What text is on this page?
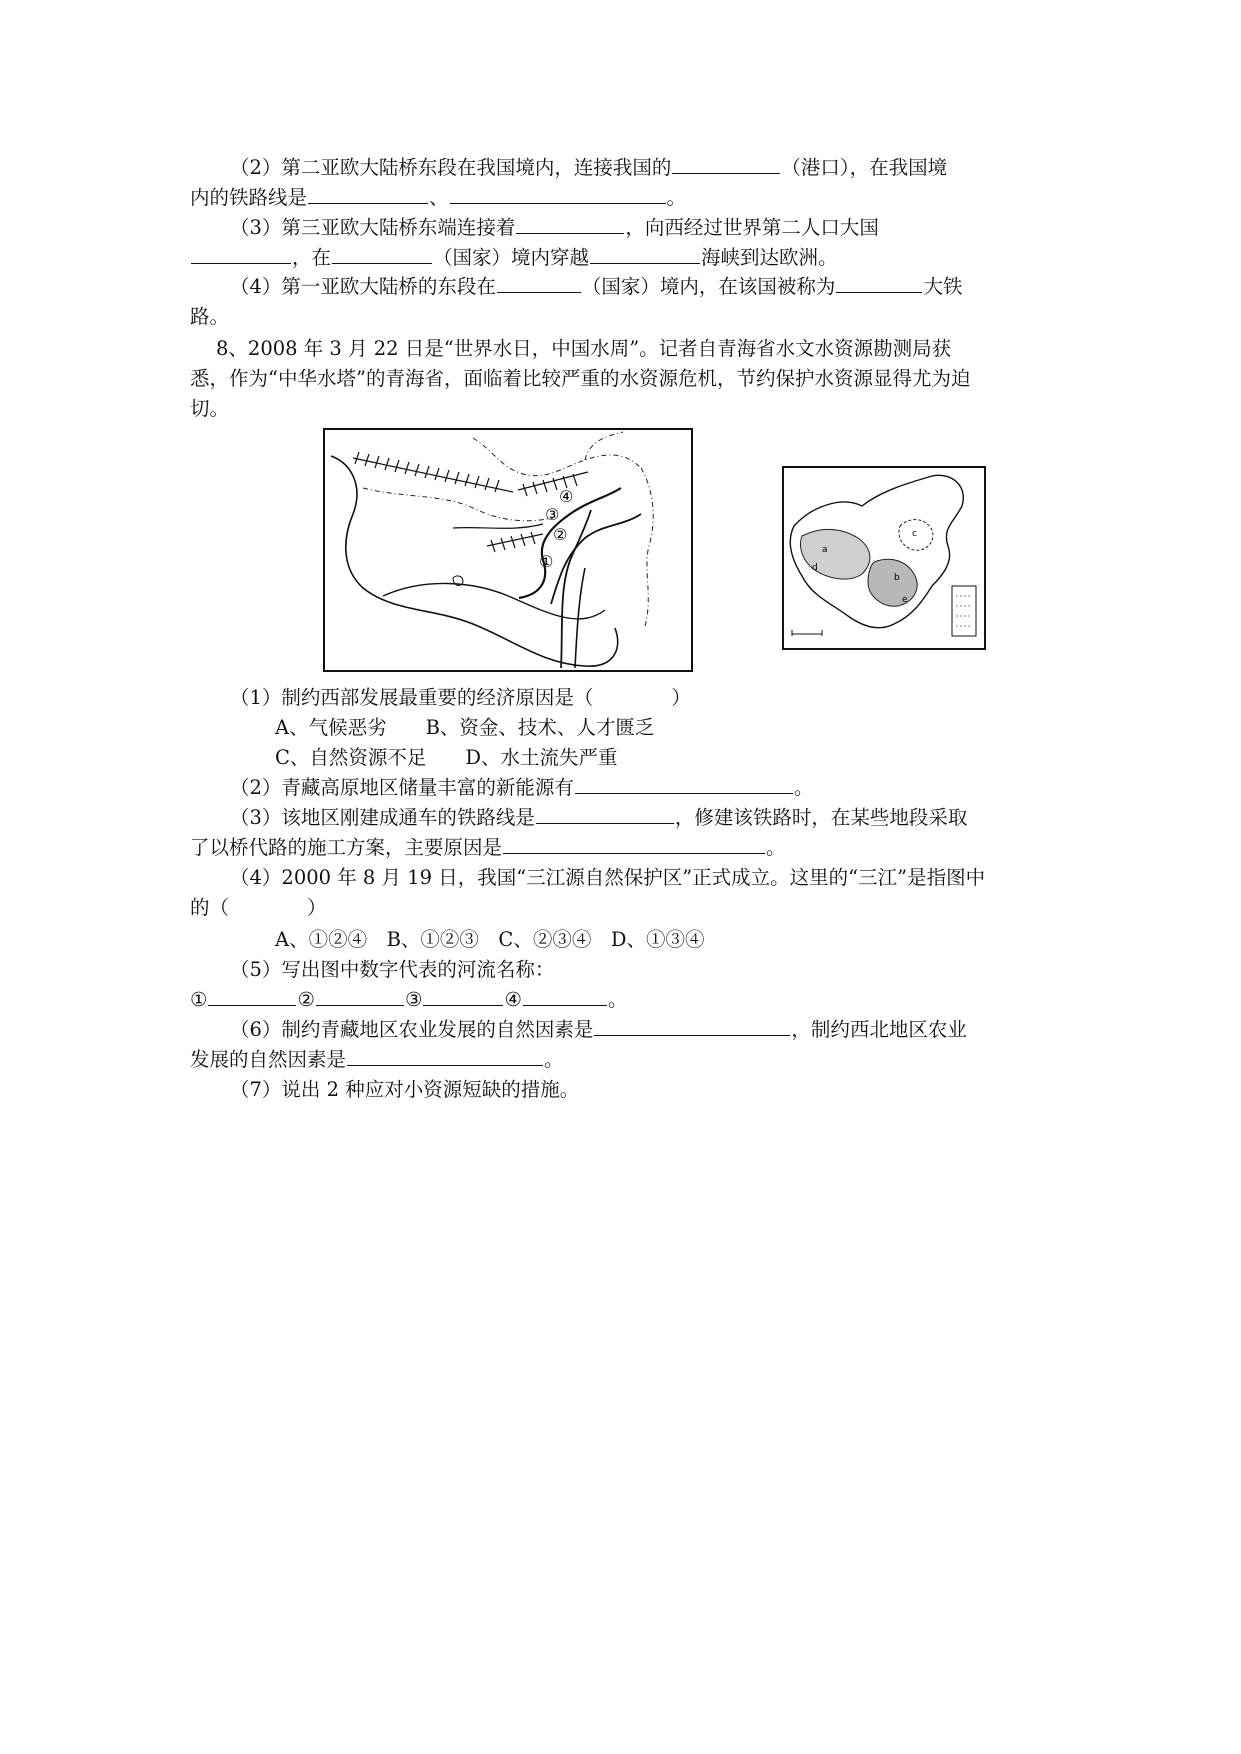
（2）第二亚欧大陆桥东段在我国境内，连接我国的	（港口），在我国境
内的铁路线是	、	。
（3）第三亚欧大陆桥东端连接着	，向西经过世界第二人口大国
，在	（国家）境内穿越	海峡到达欧洲。
（4）第一亚欧大陆桥的东段在	（国家）境内，在该国被称为	大铁
路。
8、2008 年 3 月 22 日是“世界水日，中国水周”。记者自青海省水文水资源勘测局获
悉，作为“中华水塔”的青海省，面临着比较严重的水资源危机，节约保护水资源显得尤为迫
切。
①
②
③
④
a
b
c
d
e
（1）制约西部发展最重要的经济原因是（　　　　）
A、气候恶劣　　B、资金、技术、人才匮乏
C、自然资源不足　　D、水土流失严重
（2）青藏高原地区储量丰富的新能源有	。
（3）该地区刚建成通车的铁路线是	，修建该铁路时，在某些地段采取
了以桥代路的施工方案，主要原因是	。
（4）2000 年 8 月 19 日，我国“三江源自然保护区”正式成立。这里的“三江”是指图中
的（　　　　）
A、①②④　B、①②③　C、②③④　D、①③④
（5）写出图中数字代表的河流名称：
①	②	③	④	。
（6）制约青藏地区农业发展的自然因素是	，制约西北地区农业
发展的自然因素是	。
（7）说出 2 种应对小资源短缺的措施。
